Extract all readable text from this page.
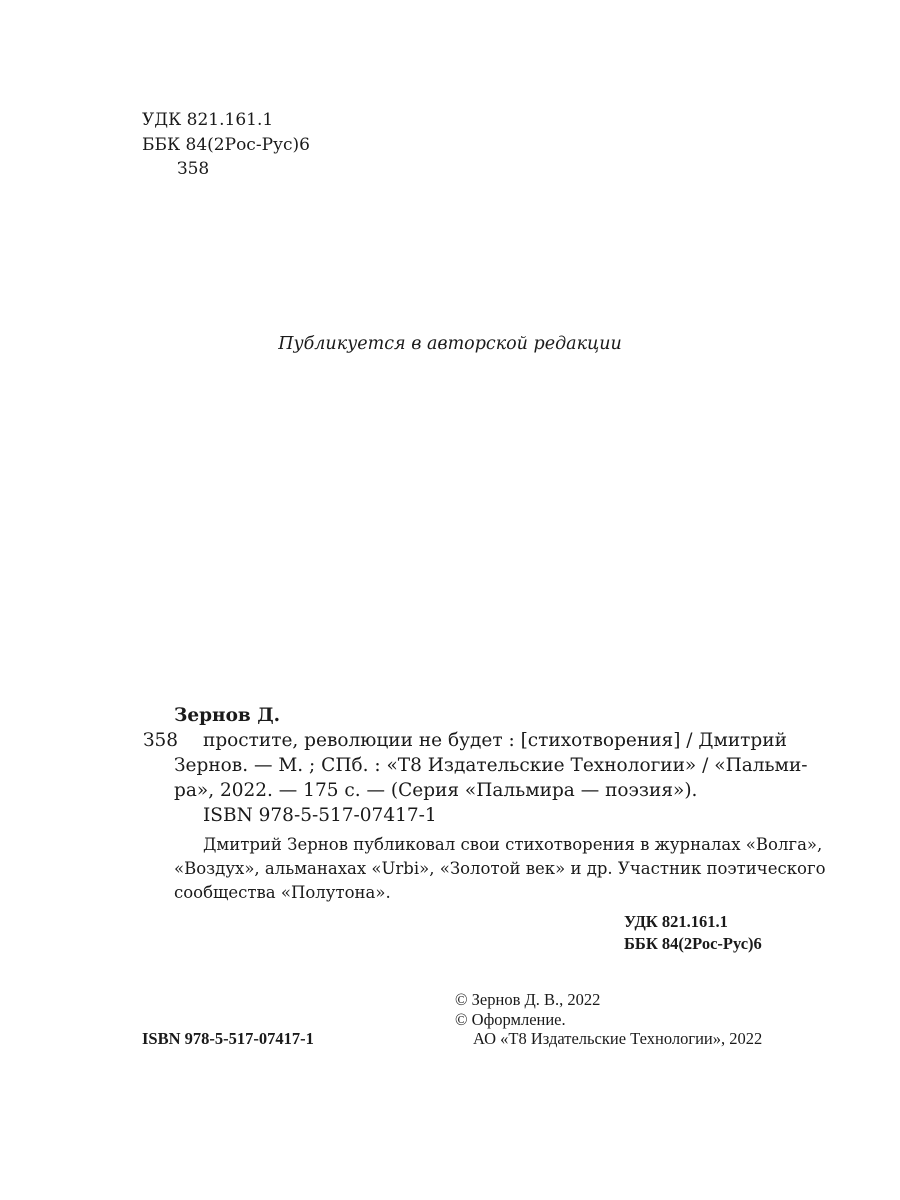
УДК 821.161.1
ББК 84(2Рос-Рус)6
З58
Публикуется в авторской редакции
Зернов Д.
З58 простите, революции не будет : [стихотворения] / Дмитрий
Зернов. — М. ; СПб. : «Т8 Издательские Технологии» / «Пальми-
ра», 2022. — 175 с. — (Серия «Пальмира — поэзия»).
ISBN 978-5-517-07417-1
Дмитрий Зернов публиковал свои стихотворения в журналах «Волга»,
«Воздух», альманахах «Urbi», «Золотой век» и др. Участник поэтического
сообщества «Полутона».
УДК 821.161.1
ББК 84(2Рос-Рус)6
ISBN 978-5-517-07417-1
© Зернов Д. В., 2022
© Оформление.
АО «Т8 Издательские Технологии», 2022
